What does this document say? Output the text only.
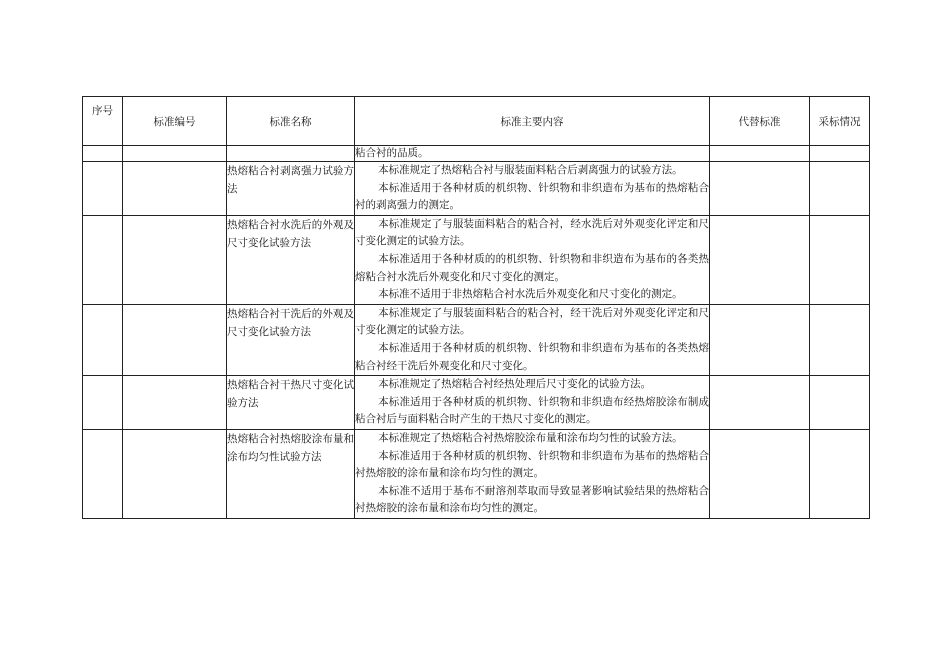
序号	标准编号	标准名称	标准主要内容	代替标准	采标情况
			粘合衬的品质。		
		热熔粘合衬剥离强力试验方法	本标准规定了热熔粘合衬与服装面料粘合后剥离强力的试验方法。

本标准适用于各种材质的机织物、针织物和非织造布为基布的热熔粘合衬的剥离强力的测定。		

		热熔粘合衬水洗后的外观及尺寸变化试验方法	本标准规定了与服装面料粘合的粘合衬，经水洗后对外观变化评定和尺寸变化测定的试验方法。

本标准适用于各种材质的的机织物、针织物和非织造布为基布的各类热熔粘合衬水洗后外观变化和尺寸变化的测定。

本标准不适用于非热熔粘合衬水洗后外观变化和尺寸变化的测定。		

		热熔粘合衬干洗后的外观及尺寸变化试验方法	本标准规定了与服装面料粘合的粘合衬，经干洗后对外观变化评定和尺寸变化测定的试验方法。

本标准适用于各种材质的机织物、针织物和非织造布为基布的各类热熔粘合衬经干洗后外观变化和尺寸变化。		

		热熔粘合衬干热尺寸变化试验方法	本标准规定了热熔粘合衬经热处理后尺寸变化的试验方法。

本标准适用于各种材质的机织物、针织物和非织造布经热熔胶涂布制成粘合衬后与面料粘合时产生的干热尺寸变化的测定。		

		热熔粘合衬热熔胶涂布量和涂布均匀性试验方法	本标准规定了热熔粘合衬热熔胶涂布量和涂布均匀性的试验方法。

本标准适用于各种材质的机织物、针织物和非织造布为基布的热熔粘合衬热熔胶的涂布量和涂布均匀性的测定。

本标准不适用于基布不耐溶剂萃取而导致显著影响试验结果的热熔粘合衬热熔胶的涂布量和涂布均匀性的测定。		
